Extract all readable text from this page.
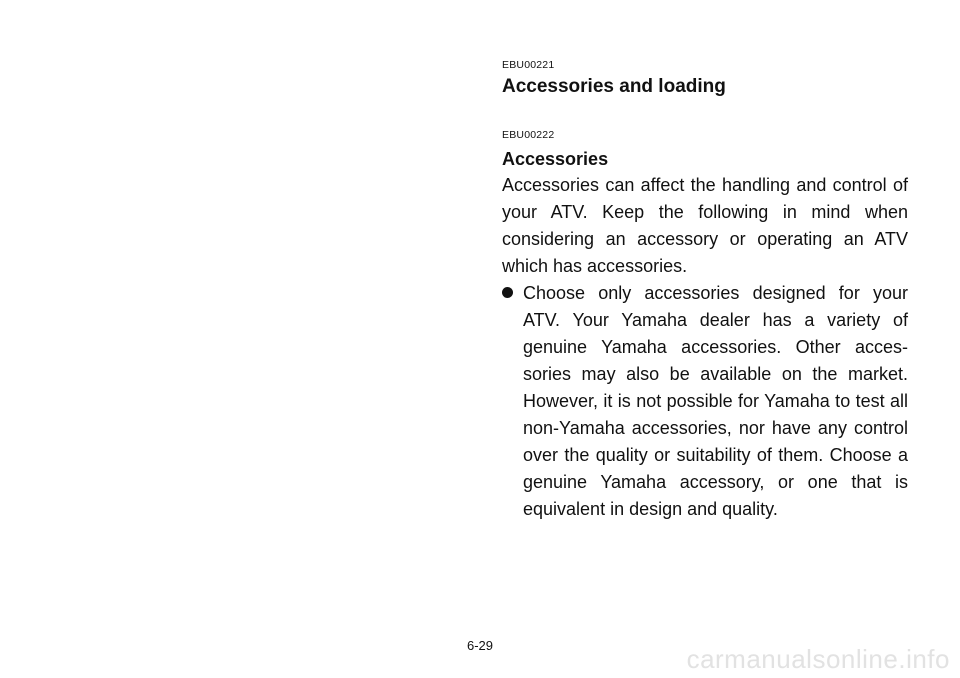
EBU00221

Accessories and loading

EBU00222

Accessories

Accessories can affect the handling and control of your ATV. Keep the following in mind when considering an accessory or operating an ATV which has accessories.

Choose only accessories designed for your ATV. Your Yamaha dealer has a variety of genuine Yamaha accessories. Other acces-sories may also be available on the market. However, it is not possible for Yamaha to test all non-Yamaha accessories, nor have any control over the quality or suitability of them. Choose a genuine Yamaha accessory, or one that is equivalent in design and quality.

6-29	carmanualsonline.info
